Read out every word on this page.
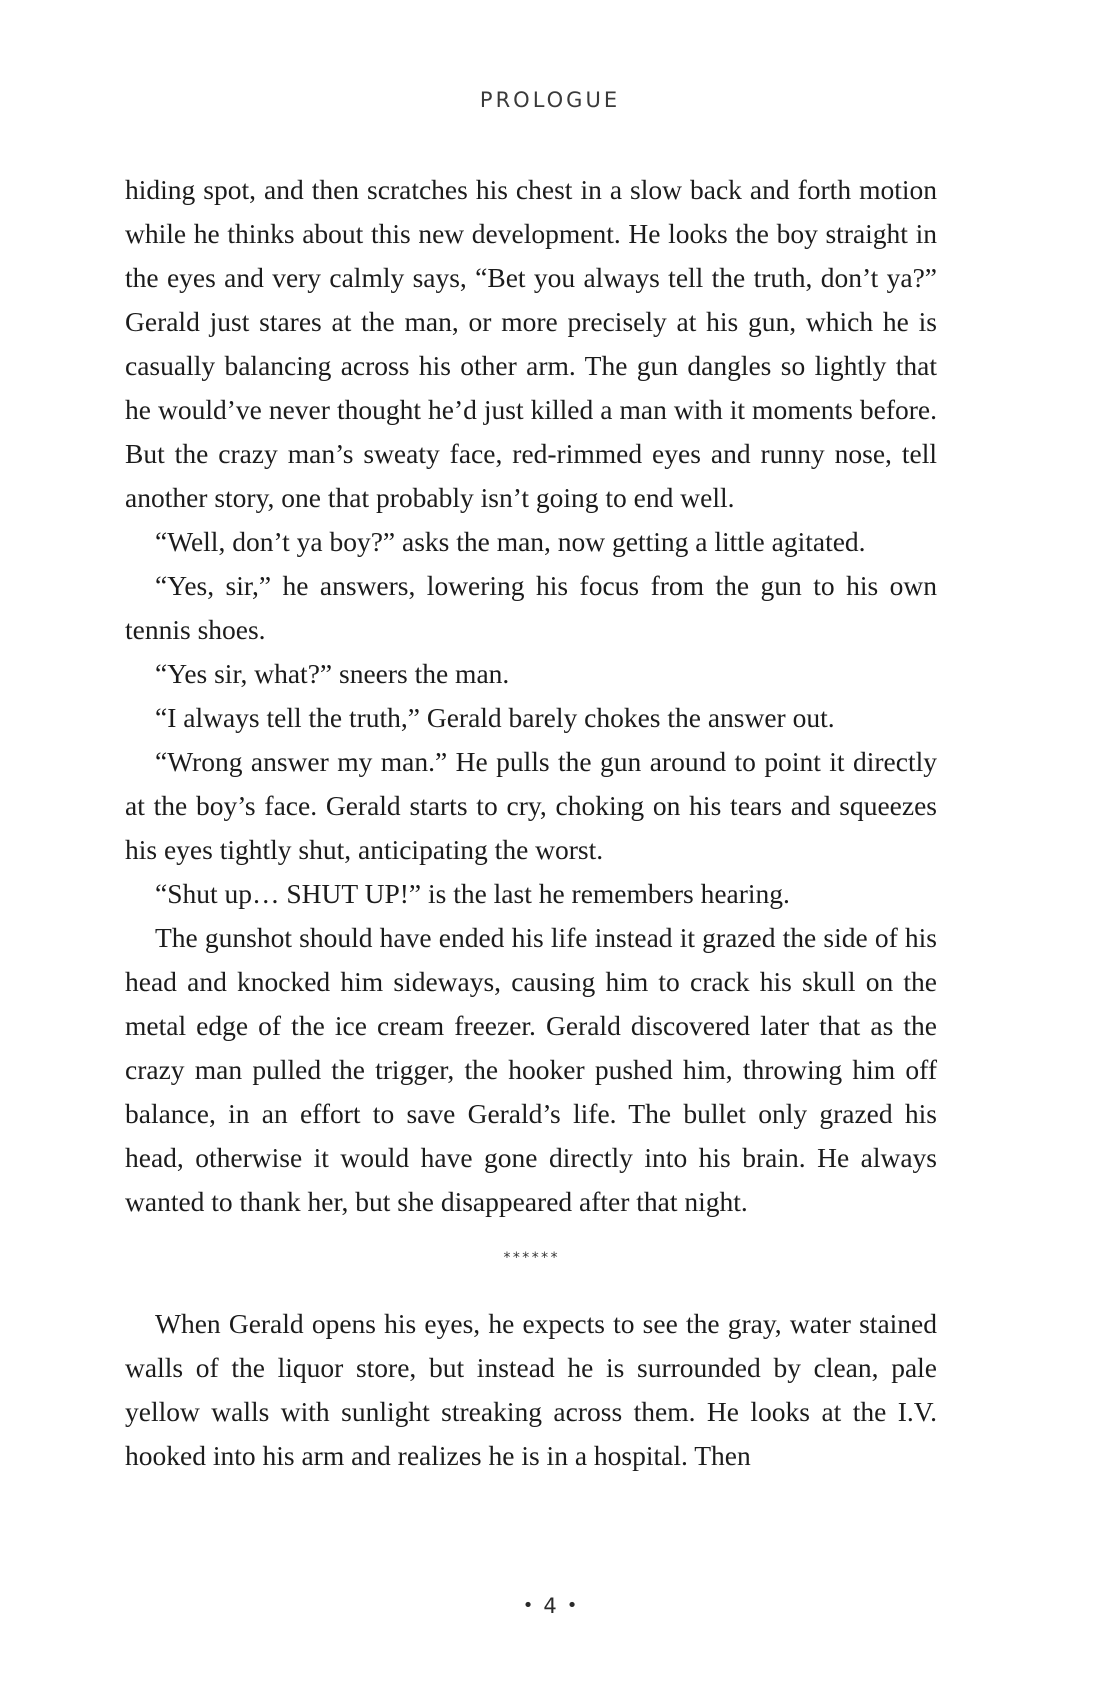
PROLOGUE

hiding spot, and then scratches his chest in a slow back and forth motion while he thinks about this new development. He looks the boy straight in the eyes and very calmly says, “Bet you always tell the truth, don’t ya?” Gerald just stares at the man, or more precisely at his gun, which he is casually balancing across his other arm. The gun dangles so lightly that he would’ve never thought he’d just killed a man with it moments before. But the crazy man’s sweaty face, red-rimmed eyes and runny nose, tell another story, one that probably isn’t going to end well.

“Well, don’t ya boy?” asks the man, now getting a little agitated.

“Yes, sir,” he answers, lowering his focus from the gun to his own tennis shoes.

“Yes sir, what?” sneers the man.

“I always tell the truth,” Gerald barely chokes the answer out.

“Wrong answer my man.” He pulls the gun around to point it directly at the boy’s face. Gerald starts to cry, choking on his tears and squeezes his eyes tightly shut, anticipating the worst.

“Shut up… SHUT UP!” is the last he remembers hearing.

The gunshot should have ended his life instead it grazed the side of his head and knocked him sideways, causing him to crack his skull on the metal edge of the ice cream freezer. Gerald discovered later that as the crazy man pulled the trigger, the hooker pushed him, throwing him off balance, in an effort to save Gerald’s life. The bullet only grazed his head, otherwise it would have gone directly into his brain. He always wanted to thank her, but she disappeared after that night.

******

When Gerald opens his eyes, he expects to see the gray, water stained walls of the liquor store, but instead he is surrounded by clean, pale yellow walls with sunlight streaking across them. He looks at the I.V. hooked into his arm and realizes he is in a hospital. Then

• 4 •
